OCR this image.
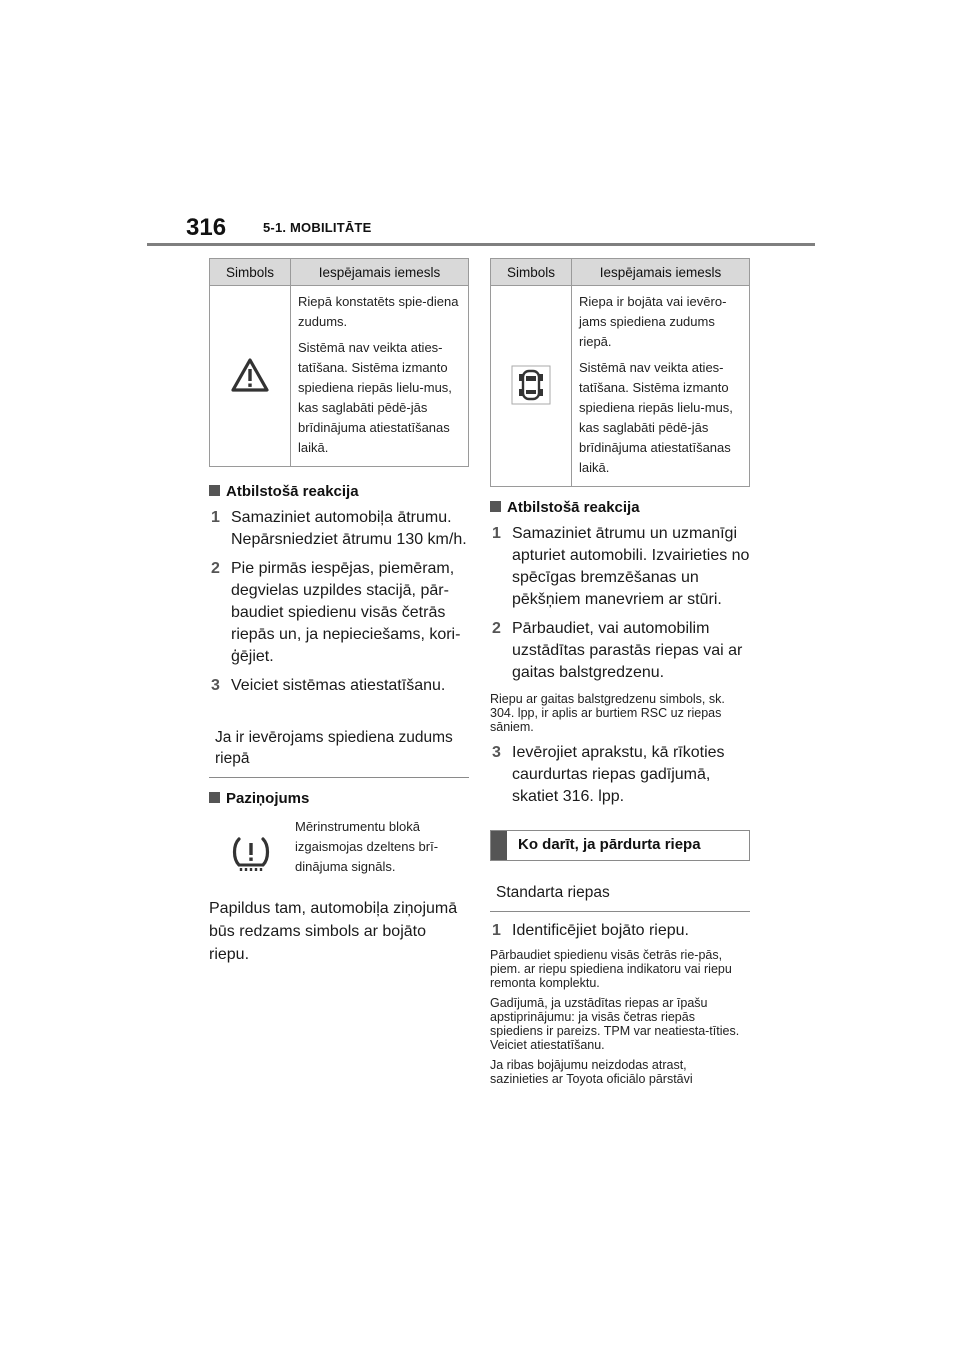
316	5-1. MOBILITĀTE
Simbols	Iespējamais iemesls

Riepā konstatēts spie-diena zudums.

Sistēmā nav veikta aties-tatīšana. Sistēma izmanto spiediena riepās lielu-mus, kas saglabāti pēdē-jās brīdinājuma atiestatīšanas laikā.

Atbilstošā reakcija

1 Samaziniet automobiļa ātrumu. Nepārsniedziet ātrumu 130 km/h.

2 Pie pirmās iespējas, piemēram, degvielas uzpildes stacijā, pār-baudiet spiedienu visās četrās riepās un, ja nepieciešams, kori-ģējiet.

3 Veiciet sistēmas atiestatīšanu.

Ja ir ievērojams spiediena zudums riepā

Paziņojums

Mērinstrumentu blokā izgaismojas dzeltens brī-dinājuma signāls.

Papildus tam, automobiļa ziņojumā būs redzams simbols ar bojāto riepu.

Simbols	Iespējamais iemesls

Riepa ir bojāta vai ievēro-jams spiediena zudums riepā.

Sistēmā nav veikta aties-tatīšana. Sistēma izmanto spiediena riepās lielu-mus, kas saglabāti pēdē-jās brīdinājuma atiestatīšanas laikā.

Atbilstošā reakcija

1 Samaziniet ātrumu un uzmanīgi apturiet automobili. Izvairieties no spēcīgas bremzēšanas un pēkšņiem manevriem ar stūri.

2 Pārbaudiet, vai automobilim uzstādītas parastās riepas vai ar gaitas balstgredzenu.

Riepu ar gaitas balstgredzenu simbols, sk. 304. lpp, ir aplis ar burtiem RSC uz riepas sāniem.

3 Ievērojiet aprakstu, kā rīkoties caurdurtas riepas gadījumā, skatiet 316. lpp.

Ko darīt, ja pārdurta riepa
Standarta riepas

1 Identificējiet bojāto riepu.

Pārbaudiet spiedienu visās četrās rie-pās, piem. ar riepu spiediena indikatoru vai riepu remonta komplektu.

Gadījumā, ja uzstādītas riepas ar īpašu apstiprinājumu: ja visās četras riepās spiediens ir pareizs. TPM var neatiesta-tīties. Veiciet atiestatīšanu.

Ja ribas bojājumu neizdodas atrast, sazinieties ar Toyota oficiālo pārstāvi
